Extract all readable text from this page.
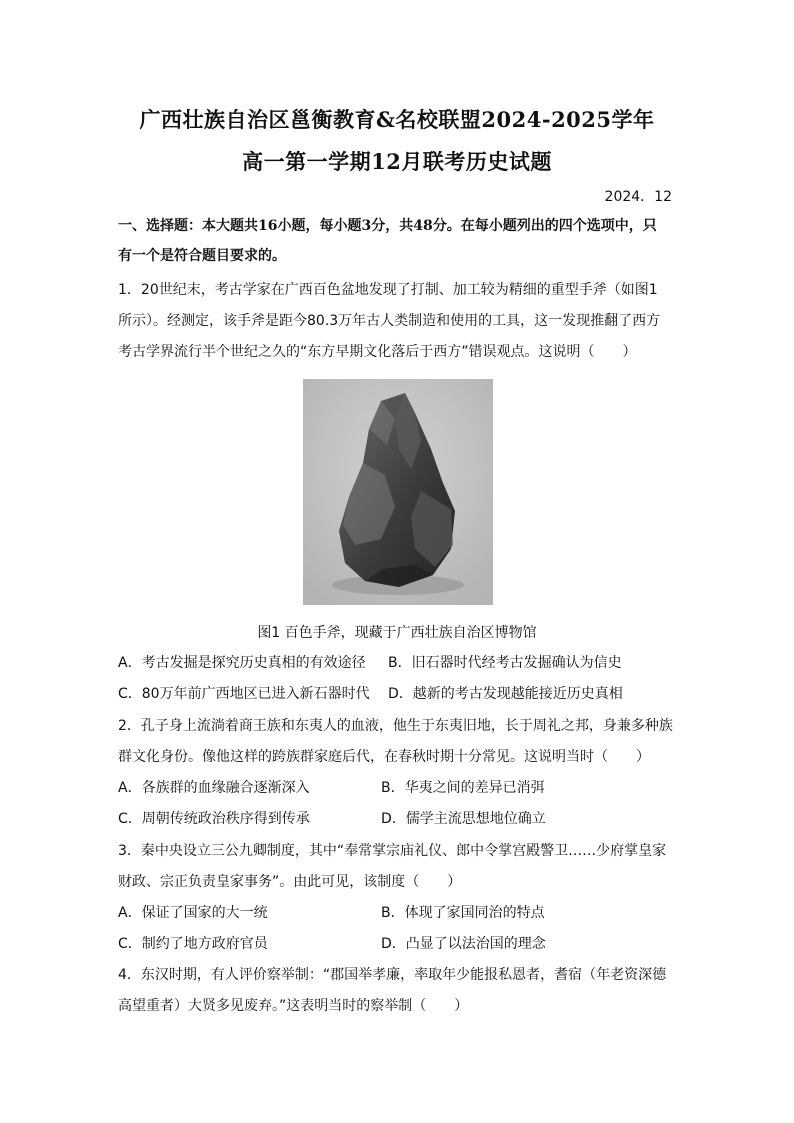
广西壮族自治区邕衡教育&名校联盟2024-2025学年
高一第一学期12月联考历史试题
2024．12
一、选择题：本大题共16小题，每小题3分，共48分。在每小题列出的四个选项中，只
有一个是符合题目要求的。
1．20世纪末，考古学家在广西百色盆地发现了打制、加工较为精细的重型手斧（如图1
所示）。经测定，该手斧是距今80.3万年古人类制造和使用的工具，这一发现推翻了西方
考古学界流行半个世纪之久的“东方早期文化落后于西方”错误观点。这说明（　　）
图1 百色手斧，现藏于广西壮族自治区博物馆
A．考古发掘是探究历史真相的有效途径 B．旧石器时代经考古发掘确认为信史
C．80万年前广西地区已进入新石器时代 D．越新的考古发现越能接近历史真相
2．孔子身上流淌着商王族和东夷人的血液，他生于东夷旧地，长于周礼之邦，身兼多种族
群文化身份。像他这样的跨族群家庭后代，在春秋时期十分常见。这说明当时（　　）
A．各族群的血缘融合逐渐深入	B．华夷之间的差异已消弭
C．周朝传统政治秩序得到传承	D．儒学主流思想地位确立
3．秦中央设立三公九卿制度，其中“奉常掌宗庙礼仪、郎中令掌宫殿警卫……少府掌皇家
财政、宗正负责皇家事务”。由此可见，该制度（　　）
A．保证了国家的大一统	B．体现了家国同治的特点
C．制约了地方政府官员	D．凸显了以法治国的理念
4．东汉时期，有人评价察举制：“郡国举孝廉，率取年少能报私恩者，耆宿（年老资深德
高望重者）大贤多见废弃。”这表明当时的察举制（　　）
